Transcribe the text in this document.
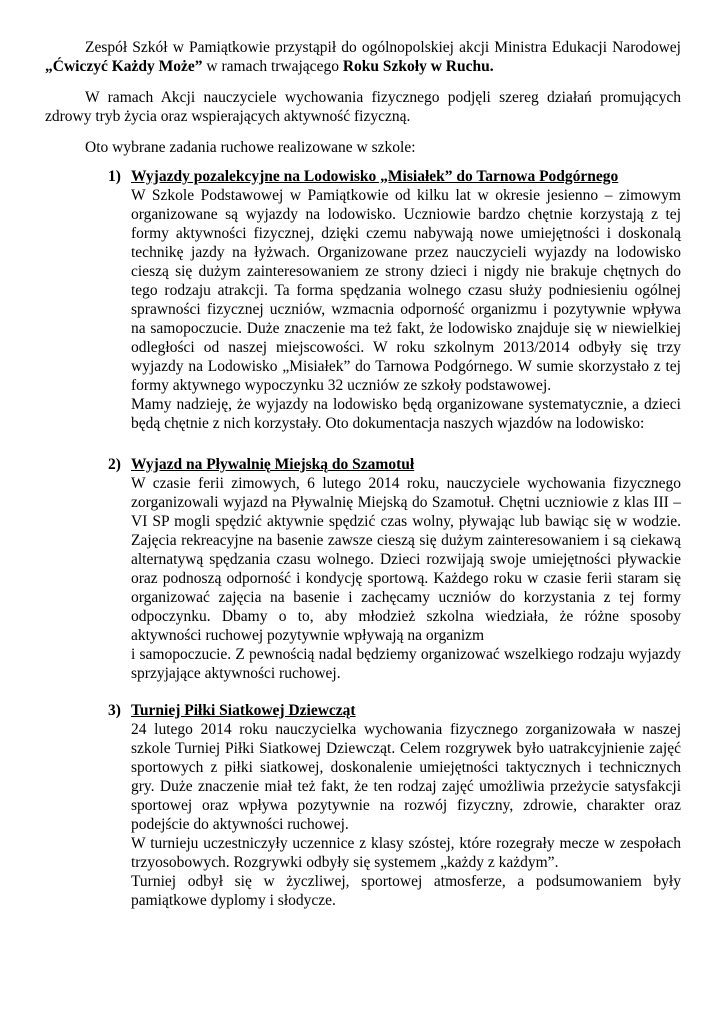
Zespół Szkół w Pamiątkowie przystąpił do ogólnopolskiej akcji Ministra Edukacji Narodowej „Ćwiczyć Każdy Może” w ramach trwającego Roku Szkoły w Ruchu.

W ramach Akcji nauczyciele wychowania fizycznego podjęli szereg działań promujących zdrowy tryb życia oraz wspierających aktywność fizyczną.

Oto wybrane zadania ruchowe realizowane w szkole:

1) Wyjazdy pozalekcyjne na Lodowisko „Misiałek” do Tarnowa Podgórnego

W Szkole Podstawowej w Pamiątkowie od kilku lat w okresie jesienno – zimowym organizowane są wyjazdy na lodowisko. Uczniowie bardzo chętnie korzystają z tej formy aktywności fizycznej, dzięki czemu nabywają nowe umiejętności i doskonalą technikę jazdy na łyżwach. Organizowane przez nauczycieli wyjazdy na lodowisko cieszą się dużym zainteresowaniem ze strony dzieci i nigdy nie brakuje chętnych do tego rodzaju atrakcji. Ta forma spędzania wolnego czasu służy podniesieniu ogólnej sprawności fizycznej uczniów, wzmacnia odporność organizmu i pozytywnie wpływa na samopoczucie. Duże znaczenie ma też fakt, że lodowisko znajduje się w niewielkiej odległości od naszej miejscowości. W roku szkolnym 2013/2014 odbyły się trzy wyjazdy na Lodowisko „Misiałek” do Tarnowa Podgórnego. W sumie skorzystało z tej formy aktywnego wypoczynku 32 uczniów ze szkoły podstawowej.

Mamy nadzieję, że wyjazdy na lodowisko będą organizowane systematycznie, a dzieci będą chętnie z nich korzystały. Oto dokumentacja naszych wjazdów na lodowisko:

2) Wyjazd na Pływalnię Miejską do Szamotuł

W czasie ferii zimowych, 6 lutego 2014 roku, nauczyciele wychowania fizycznego zorganizowali wyjazd na Pływalnię Miejską do Szamotuł. Chętni uczniowie z klas III – VI SP mogli spędzić aktywnie spędzić czas wolny, pływając lub bawiąc się w wodzie. Zajęcia rekreacyjne na basenie zawsze cieszą się dużym zainteresowaniem i są ciekawą alternatywą spędzania czasu wolnego. Dzieci rozwijają swoje umiejętności pływackie oraz podnoszą odporność i kondycję sportową. Każdego roku w czasie ferii staram się organizować zajęcia na basenie i zachęcamy uczniów do korzystania z tej formy odpoczynku. Dbamy o to, aby młodzież szkolna wiedziała, że różne sposoby aktywności ruchowej pozytywnie wpływają na organizm

i samopoczucie. Z pewnością nadal będziemy organizować wszelkiego rodzaju wyjazdy sprzyjające aktywności ruchowej.

3) Turniej Piłki Siatkowej Dziewcząt

24 lutego 2014 roku nauczycielka wychowania fizycznego zorganizowała w naszej szkole Turniej Piłki Siatkowej Dziewcząt. Celem rozgrywek było uatrakcyjnienie zajęć sportowych z piłki siatkowej, doskonalenie umiejętności taktycznych i technicznych gry. Duże znaczenie miał też fakt, że ten rodzaj zajęć umożliwia przeżycie satysfakcji sportowej oraz wpływa pozytywnie na rozwój fizyczny, zdrowie, charakter oraz podejście do aktywności ruchowej.

W turnieju uczestniczyły uczennice z klasy szóstej, które rozegrały mecze w zespołach trzyosobowych. Rozgrywki odbyły się systemem „każdy z każdym”.

Turniej odbył się w życzliwej, sportowej atmosferze, a podsumowaniem były pamiątkowe dyplomy i słodycze.
